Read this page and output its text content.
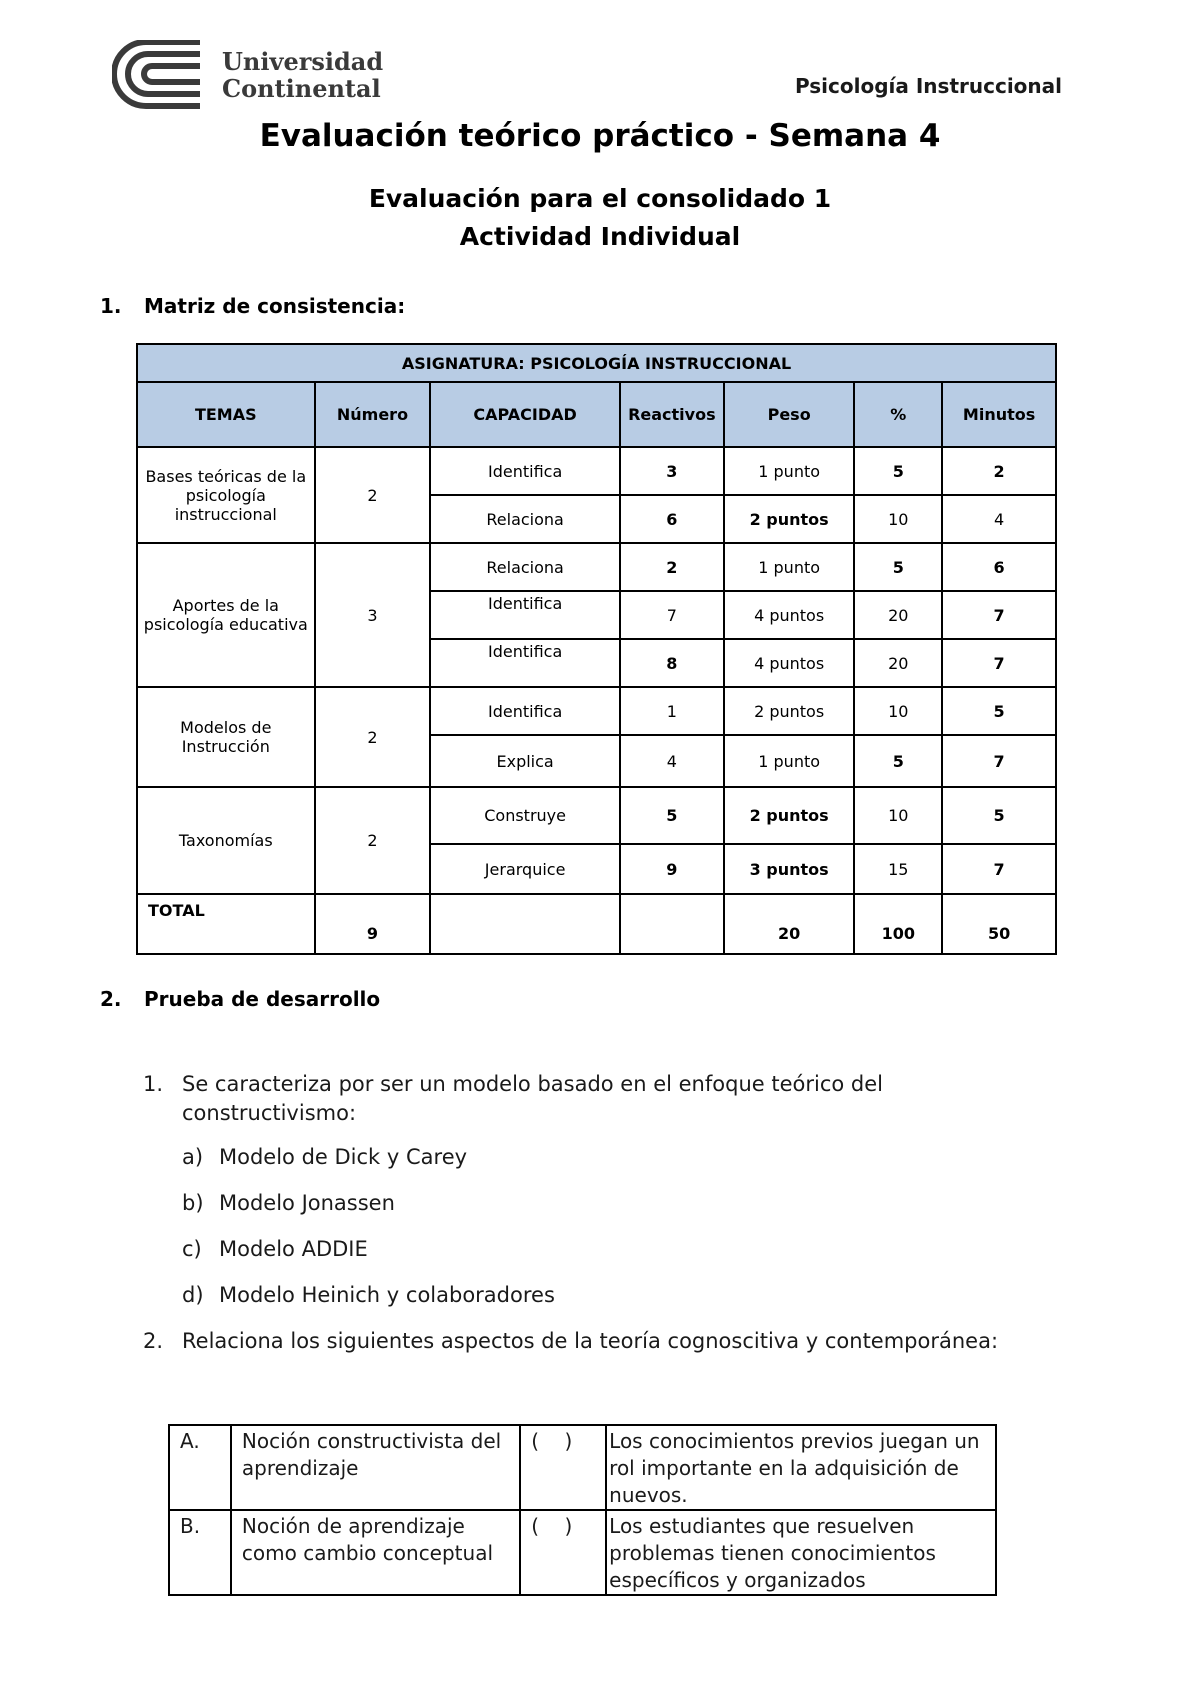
Universidad
Continental	Psicología Instruccional
Evaluación teórico práctico - Semana 4
Evaluación para el consolidado 1
Actividad Individual
1. Matriz de consistencia:
ASIGNATURA: PSICOLOGÍA INSTRUCCIONAL						
TEMAS	Número	CAPACIDAD	Reactivos	Peso	%	Minutos
Bases teóricas de la psicología instruccional	2	Identifica	3	1 punto	5	2
		Relaciona	6	2 puntos	10	4
Aportes de la psicología educativa	3	Relaciona	2	1 punto	5	6
		Identifica	7	4 puntos	20	7
		Identifica	8	4 puntos	20	7
Modelos de Instrucción	2	Identifica	1	2 puntos	10	5
		Explica	4	1 punto	5	7
Taxonomías	2	Construye	5	2 puntos	10	5
		Jerarquice	9	3 puntos	15	7
TOTAL	9			20	100	50
2. Prueba de desarrollo
1. Se caracteriza por ser un modelo basado en el enfoque teórico del constructivismo:
a) Modelo de Dick y Carey
b) Modelo Jonassen
c) Modelo ADDIE
d) Modelo Heinich y colaboradores
2. Relaciona los siguientes aspectos de la teoría cognoscitiva y contemporánea:
A.	Noción constructivista del aprendizaje	(    )	Los conocimientos previos juegan un rol importante en la adquisición de nuevos.
B.	Noción de aprendizaje como cambio conceptual	(    )	Los estudiantes que resuelven problemas tienen conocimientos específicos y organizados
